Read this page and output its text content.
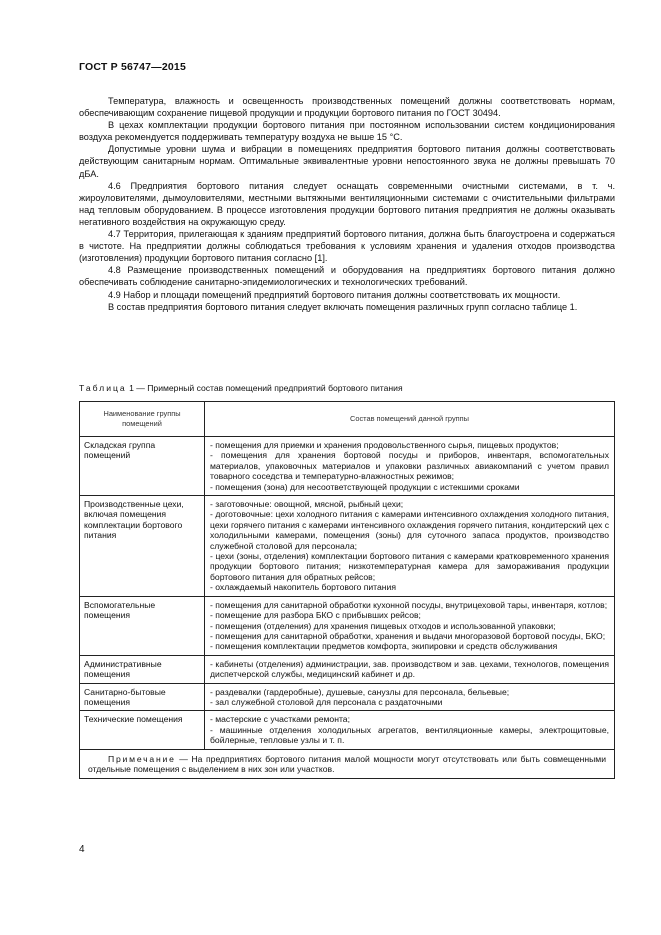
ГОСТ Р 56747—2015

Температура, влажность и освещенность производственных помещений должны соответствовать нормам, обеспечивающим сохранение пищевой продукции и продукции бортового питания по ГОСТ 30494.

В цехах комплектации продукции бортового питания при постоянном использовании систем кондиционирования воздуха рекомендуется поддерживать температуру воздуха не выше 15 °С.

Допустимые уровни шума и вибрации в помещениях предприятия бортового питания должны соответствовать действующим санитарным нормам. Оптимальные эквивалентные уровни непостоянного звука не должны превышать 70 дБА.

4.6 Предприятия бортового питания следует оснащать современными очистными системами, в т. ч. жироуловителями, дымоуловителями, местными вытяжными вентиляционными системами с очистительными фильтрами над тепловым оборудованием. В процессе изготовления продукции бортового питания предприятия не должны оказывать негативного воздействия на окружающую среду.

4.7 Территория, прилегающая к зданиям предприятий бортового питания, должна быть благоустроена и содержаться в чистоте. На предприятии должны соблюдаться требования к условиям хранения и удаления отходов производства (изготовления) продукции бортового питания согласно [1].

4.8 Размещение производственных помещений и оборудования на предприятиях бортового питания должно обеспечивать соблюдение санитарно-эпидемиологических и технологических требований.

4.9 Набор и площади помещений предприятий бортового питания должны соответствовать их мощности.

В состав предприятия бортового питания следует включать помещения различных групп согласно таблице 1.

Таблица 1 — Примерный состав помещений предприятий бортового питания
Наименование группы помещений	Состав помещений данной группы
Складская группа помещений	- помещения для приемки и хранения продовольственного сырья, пищевых продуктов;
- помещения для хранения бортовой посуды и приборов, инвентаря, вспомогательных материалов, упаковочных материалов и упаковки различных авиакомпаний с учетом правил товарного соседства и температурно-влажностных режимов;
- помещения (зона) для несоответствующей продукции с истекшими сроками

Производственные цехи, включая помещения комплектации бортового питания	- заготовочные: овощной, мясной, рыбный цехи;
- доготовочные: цехи холодного питания с камерами интенсивного охлаждения холодного питания, цехи горячего питания с камерами интенсивного охлаждения горячего питания, кондитерский цех с холодильными камерами, помещения (зоны) для суточного запаса продуктов, производство служебной столовой для персонала;
- цехи (зоны, отделения) комплектации бортового питания с камерами кратковременного хранения продукции бортового питания; низкотемпературная камера для замораживания продукции бортового питания для обратных рейсов;
- охлаждаемый накопитель бортового питания

Вспомогательные помещения	- помещения для санитарной обработки кухонной посуды, внутрицеховой тары, инвентаря, котлов;
- помещение для разбора БКО с прибывших рейсов;
- помещения (отделения) для хранения пищевых отходов и использованной упаковки;
- помещения для санитарной обработки, хранения и выдачи многоразовой бортовой посуды, БКО;
- помещения комплектации предметов комфорта, экипировки и средств обслуживания

Административные помещения	- кабинеты (отделения) администрации, зав. производством и зав. цехами, технологов, помещения диспетчерской службы, медицинский кабинет и др.

Санитарно-бытовые помещения	- раздевалки (гардеробные), душевые, санузлы для персонала, бельевые;
- зал служебной столовой для персонала с раздаточными

Технические помещения	- мастерские с участками ремонта;
- машинные отделения холодильных агрегатов, вентиляционные камеры, электрощитовые, бойлерные, тепловые узлы и т. п.

Примечание — На предприятиях бортового питания малой мощности могут отсутствовать или быть совмещенными отдельные помещения с выделением в них зон или участков.	
4
